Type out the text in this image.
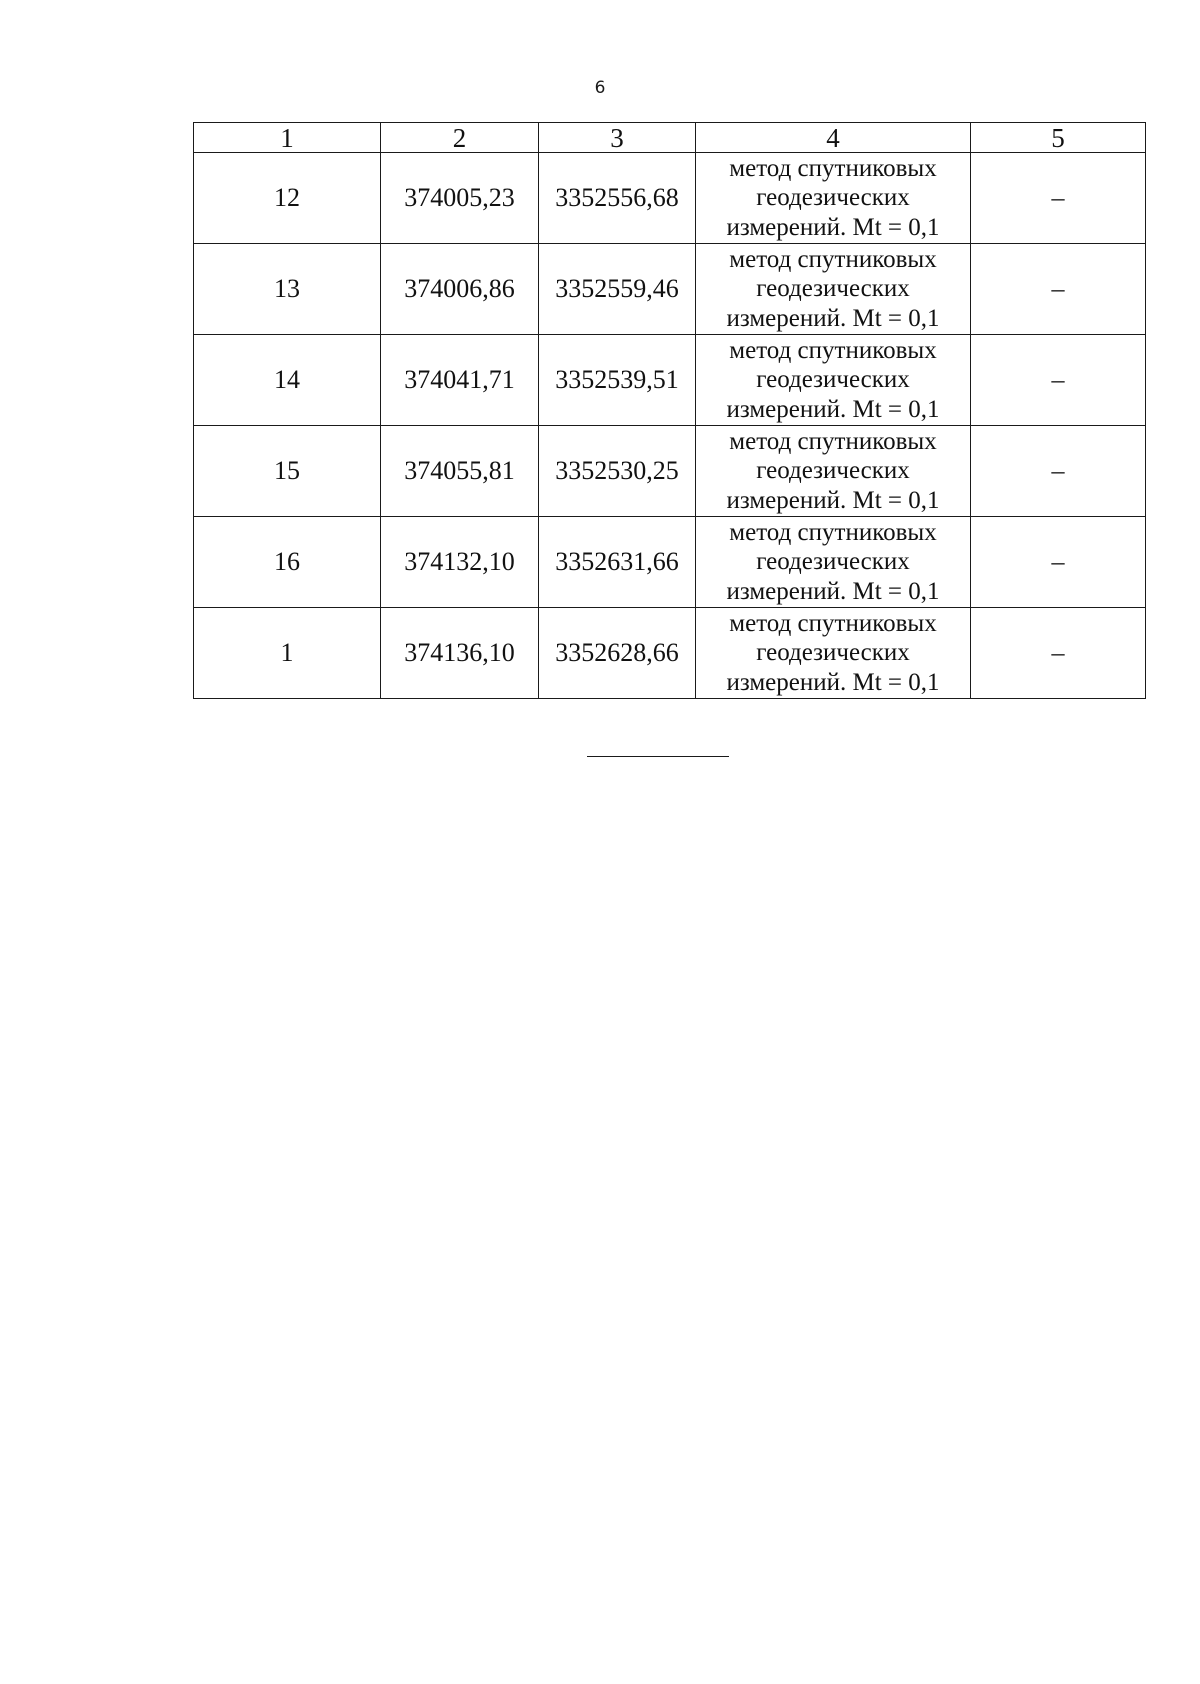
6
1	2	3	4	5
12	374005,23	3352556,68	метод спутниковых
геодезических
измерений. Mt = 0,1	–
13	374006,86	3352559,46	метод спутниковых
геодезических
измерений. Mt = 0,1	–
14	374041,71	3352539,51	метод спутниковых
геодезических
измерений. Mt = 0,1	–
15	374055,81	3352530,25	метод спутниковых
геодезических
измерений. Mt = 0,1	–
16	374132,10	3352631,66	метод спутниковых
геодезических
измерений. Mt = 0,1	–
1	374136,10	3352628,66	метод спутниковых
геодезических
измерений. Mt = 0,1	–
